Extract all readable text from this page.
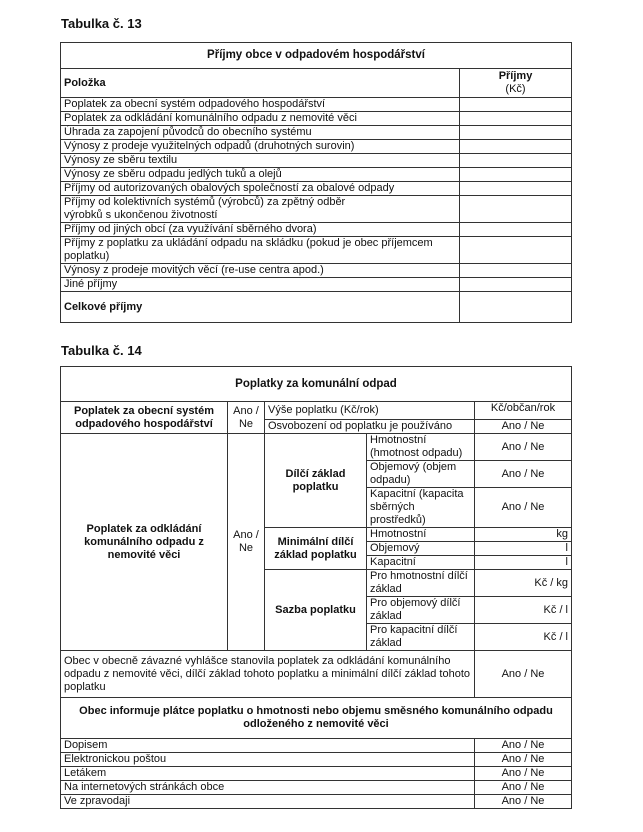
Tabulka č. 13
Příjmy obce v odpadovém hospodářství	
Položka	Příjmy
(Kč)
Poplatek za obecní systém odpadového hospodářství	
Poplatek za odkládání komunálního odpadu z nemovité věci	
Úhrada za zapojení původců do obecního systému	
Výnosy z prodeje využitelných odpadů (druhotných surovin)	
Výnosy ze sběru textilu	
Výnosy ze sběru odpadu jedlých tuků a olejů	
Příjmy od autorizovaných obalových společností za obalové odpady	
Příjmy od kolektivních systémů (výrobců) za zpětný odběr výrobků s ukončenou životností	
Příjmy od jiných obcí (za využívání sběrného dvora)	
Příjmy z poplatku za ukládání odpadu na skládku (pokud je obec příjemcem poplatku)	
Výnosy z prodeje movitých věcí (re-use centra apod.)	
Jiné příjmy	
Celkové příjmy	
Tabulka č. 14
Poplatky za komunální odpad				
Poplatek za obecní systém odpadového hospodářství	Ano / Ne	Výše poplatku (Kč/rok)		Kč/občan/rok
		Osvobození od poplatku je používáno		Ano / Ne
Poplatek za odkládání komunálního odpadu z nemovité věci	Ano / Ne	Dílčí základ poplatku	Hmotnostní (hmotnost odpadu)	Ano / Ne
			Objemový (objem odpadu)	Ano / Ne
			Kapacitní (kapacita sběrných prostředků)	Ano / Ne
		Minimální dílčí základ poplatku	Hmotnostní	kg
			Objemový	l
			Kapacitní	l
		Sazba poplatku	Pro hmotnostní dílčí základ	Kč / kg
			Pro objemový dílčí základ	Kč / l
			Pro kapacitní dílčí základ	Kč / l
Obec v obecně závazné vyhlášce stanovila poplatek za odkládání komunálního odpadu z nemovité věci, dílčí základ tohoto poplatku a minimální dílčí základ tohoto poplatku				Ano / Ne
Obec informuje plátce poplatku o hmotnosti nebo objemu směsného komunálního odpadu odloženého z nemovité věci				
Dopisem				Ano / Ne
Elektronickou poštou				Ano / Ne
Letákem				Ano / Ne
Na internetových stránkách obce				Ano / Ne
Ve zpravodaji				Ano / Ne
